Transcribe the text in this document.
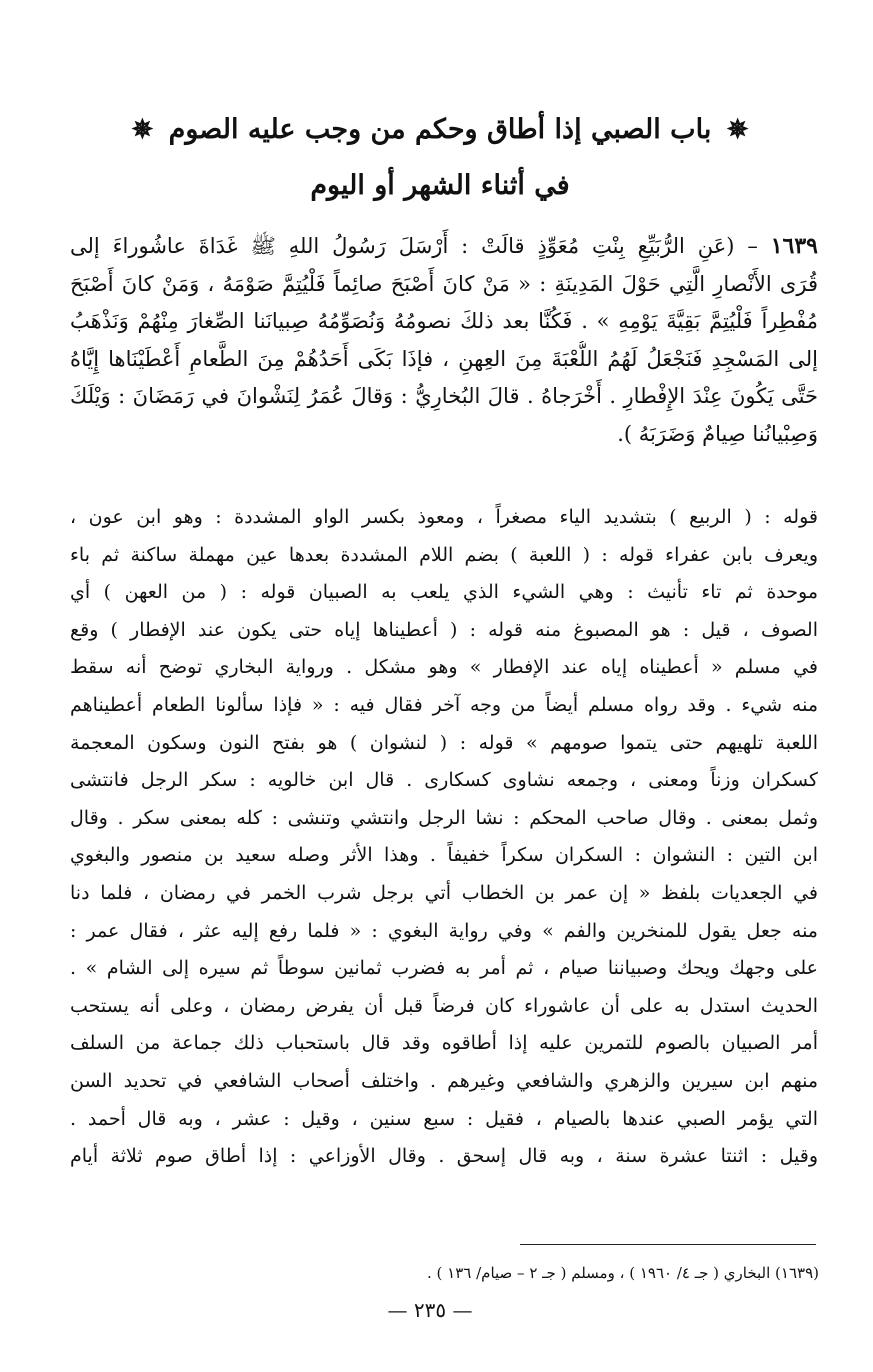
✵ باب الصبي إذا أطاق وحكم من وجب عليه الصوم ✵
في أثناء الشهر أو اليوم
١٦٣٩ – (عَنِ الرُّبَيِّعِ بِنْتِ مُعَوِّذٍ قالَتْ : أَرْسَلَ رَسُولُ اللهِ ﷺ غَدَاةَ عاشُوراءَ إلى
قُرَى الأَنْصارِ الَّتِي حَوْلَ المَدِينَةِ : « مَنْ كانَ أَصْبَحَ صائِماً فَلْيُتِمَّ صَوْمَهُ ، وَمَنْ كانَ أَصْبَحَ
مُفْطِراً فَلْيُتِمَّ بَقِيَّةَ يَوْمِهِ » . فَكُنَّا بعد ذلكَ نصومُهُ وَنُصَوِّمُهُ صِبيانَنا الصِّغارَ مِنْهُمْ وَنَذْهَبُ
إلى المَسْجِدِ فَنَجْعَلُ لَهُمُ اللُّعْبَةَ مِنَ العِهنِ ، فإذَا بَكَى أَحَدُهُمْ مِنَ الطَّعامِ أَعْطَيْنَاها إِيَّاهُ
حَتَّى يَكُونَ عِنْدَ الإِفْطارِ . أَخْرَجاهُ . قالَ البُخارِيُّ : وَقالَ عُمَرُ لِنَشْوانَ في رَمَضَانَ : وَيْلَكَ
وَصِبْيانُنا صِيامٌ وَضَرَبَهُ ).
قوله : ( الربيع ) بتشديد الياء مصغراً ، ومعوذ بكسر الواو المشددة : وهو ابن عون ،
ويعرف بابن عفراء قوله : ( اللعبة ) بضم اللام المشددة بعدها عين مهملة ساكنة ثم باء
موحدة ثم تاء تأنيث : وهي الشيء الذي يلعب به الصبيان قوله : ( من العهن ) أي
الصوف ، قيل : هو المصبوغ منه قوله : ( أعطيناها إياه حتى يكون عند الإفطار ) وقع
في مسلم « أعطيناه إياه عند الإفطار » وهو مشكل . ورواية البخاري توضح أنه سقط
منه شيء . وقد رواه مسلم أيضاً من وجه آخر فقال فيه : « فإذا سألونا الطعام أعطيناهم
اللعبة تلهيهم حتى يتموا صومهم » قوله : ( لنشوان ) هو بفتح النون وسكون المعجمة
كسكران وزناً ومعنى ، وجمعه نشاوى كسكارى . قال ابن خالويه : سكر الرجل فانتشى
وثمل بمعنى . وقال صاحب المحكم : نشا الرجل وانتشي وتنشى : كله بمعنى سكر . وقال
ابن التين : النشوان : السكران سكراً خفيفاً . وهذا الأثر وصله سعيد بن منصور والبغوي
في الجعديات بلفظ « إن عمر بن الخطاب أتي برجل شرب الخمر في رمضان ، فلما دنا
منه جعل يقول للمنخرين والفم » وفي رواية البغوي : « فلما رفع إليه عثر ، فقال عمر :
على وجهك ويحك وصبياننا صيام ، ثم أمر به فضرب ثمانين سوطاً ثم سيره إلى الشام » .
الحديث استدل به على أن عاشوراء كان فرضاً قبل أن يفرض رمضان ، وعلى أنه يستحب
أمر الصبيان بالصوم للتمرين عليه إذا أطاقوه وقد قال باستحباب ذلك جماعة من السلف
منهم ابن سيرين والزهري والشافعي وغيرهم . واختلف أصحاب الشافعي في تحديد السن
التي يؤمر الصبي عندها بالصيام ، فقيل : سبع سنين ، وقيل : عشر ، وبه قال أحمد .
وقيل : اثنتا عشرة سنة ، وبه قال إسحق . وقال الأوزاعي : إذا أطاق صوم ثلاثة أيام
(١٦٣٩) البخاري ( جـ ٤/ ١٩٦٠ ) ، ومسلم ( جـ ٢ – صيام/ ١٣٦ ) .
— ٢٣٥ —
